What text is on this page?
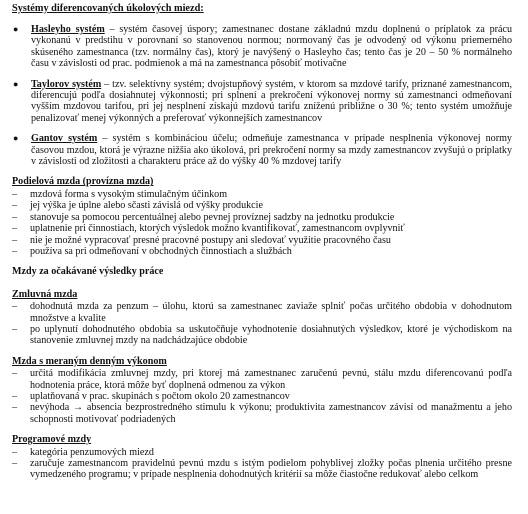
Systémy diferencovaných úkolových miezd:
●	Hasleyho systém – systém časovej úspory; zamestnanec dostane základnú mzdu doplnenú o príplatok za prácu vykonanú v predstihu v porovnaní so stanovenou normou; normovaný čas je odvodený od výkonu priemerného skúseného zamestnanca (tzv. normálny čas), ktorý je navýšený o Hasleyho čas; tento čas je 20 – 50 % normálneho času v závislosti od prac. podmienok a má na zamestnanca pôsobiť motivačne
●	Taylorov systém – tzv. selektívny systém; dvojstupňový systém, v ktorom sa mzdové tarify, priznané zamestnancom, diferencujú podľa dosiahnutej výkonnosti; pri splnení a prekročení výkonovej normy sú zamestnanci odmeňovaní vyšším mzdovou tarifou, pri jej nesplnení získajú mzdovú tarifu zníženú približne o 30 %; tento systém umožňuje penalizovať menej výkonných a preferovať výkonnejších zamestnancov
●	Gantov systém – systém s kombináciou účelu; odmeňuje zamestnanca v prípade nesplnenia výkonovej normy časovou mzdou, ktorá je výrazne nižšia ako úkolová, pri prekročení normy sa mzdy zamestnancov zvyšujú o príplatky v závislosti od zložitosti a charakteru práce až do výšky 40 % mzdovej tarify
Podielová mzda (provízna mzda)
–	mzdová forma s vysokým stimulačným účinkom
–	jej výška je úplne alebo sčasti závislá od výšky produkcie
–	stanovuje sa pomocou percentuálnej alebo pevnej províznej sadzby na jednotku produkcie
–	uplatnenie pri činnostiach, ktorých výsledok možno kvantifikovať, zamestnancom ovplyvniť
–	nie je možné vypracovať presné pracovné postupy ani sledovať využitie pracovného času
–	používa sa pri odmeňovaní v obchodných činnostiach a službách
Mzdy za očakávané výsledky práce
Zmluvná mzda
–	dohodnutá mzda za penzum – úlohu, ktorú sa zamestnanec zaviaže splniť počas určitého obdobia v dohodnutom množstve a kvalite
–	po uplynutí dohodnutého obdobia sa uskutočňuje vyhodnotenie dosiahnutých výsledkov, ktoré je východiskom na stanovenie zmluvnej mzdy na nadchádzajúce obdobie
Mzda s meraným denným výkonom
–	určitá modifikácia zmluvnej mzdy, pri ktorej má zamestnanec zaručenú pevnú, stálu mzdu diferencovanú podľa hodnotenia práce, ktorá môže byť doplnená odmenou za výkon
–	uplatňovaná v prac. skupinách s počtom okolo 20 zamestnancov
–	nevýhoda → absencia bezprostredného stimulu k výkonu; produktivita zamestnancov závisí od manažmentu a jeho schopnosti motivovať podriadených
Programové mzdy
–	kategória penzumových miezd
–	zaručuje zamestnancom pravidelnú pevnú mzdu s istým podielom pohyblivej zložky počas plnenia určitého presne vymedzeného programu; v prípade nesplnenia dohodnutých kritérií sa môže čiastočne redukovať alebo celkom
